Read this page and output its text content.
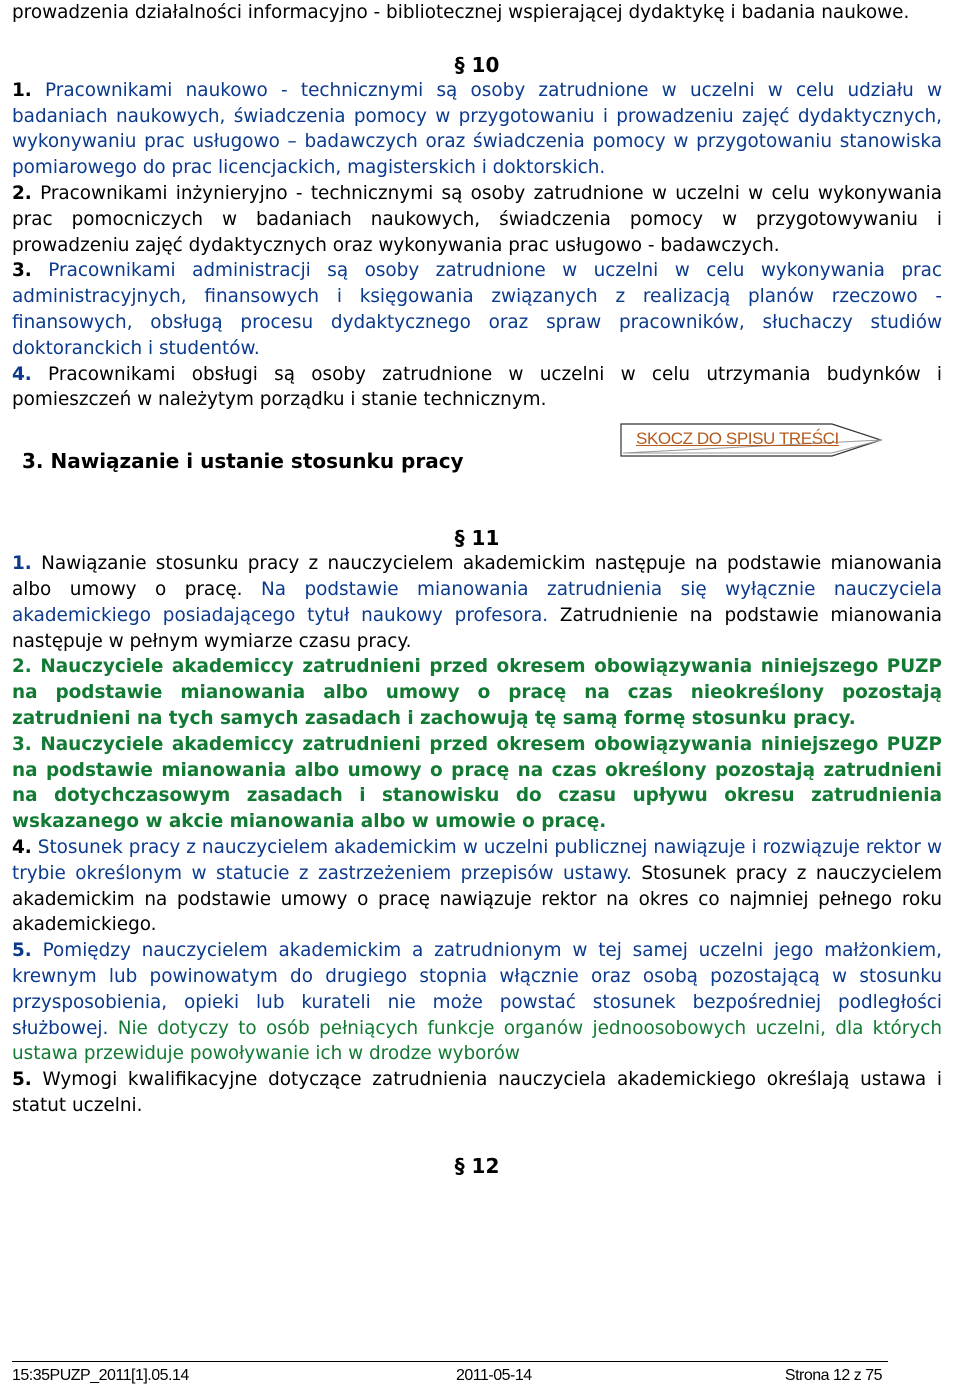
prowadzenia działalności informacyjno - bibliotecznej wspierającej dydaktykę i badania naukowe.

§ 10

1. Pracownikami naukowo - technicznymi są osoby zatrudnione w uczelni w celu udziału w badaniach naukowych, świadczenia pomocy w przygotowaniu i prowadzeniu zajęć dydaktycznych, wykonywaniu prac usługowo – badawczych oraz świadczenia pomocy w przygotowaniu stanowiska pomiarowego do prac licencjackich, magisterskich i doktorskich.

2. Pracownikami inżynieryjno - technicznymi są osoby zatrudnione w uczelni w celu wykonywania prac pomocniczych w badaniach naukowych, świadczenia pomocy w przygotowywaniu i prowadzeniu zajęć dydaktycznych oraz wykonywania prac usługowo - badawczych.

3. Pracownikami administracji są osoby zatrudnione w uczelni w celu wykonywania prac administracyjnych, finansowych i księgowania związanych z realizacją planów rzeczowo - finansowych, obsługą procesu dydaktycznego oraz spraw pracowników, słuchaczy studiów doktoranckich i studentów.

4. Pracownikami obsługi są osoby zatrudnione w uczelni w celu utrzymania budynków i pomieszczeń w należytym porządku i stanie technicznym.

SKOCZ DO SPISU TREŚCI
3. Nawiązanie i ustanie stosunku pracy
§ 11

1. Nawiązanie stosunku pracy z nauczycielem akademickim następuje na podstawie mianowania albo umowy o pracę. Na podstawie mianowania zatrudnienia się wyłącznie nauczyciela akademickiego posiadającego tytuł naukowy profesora. Zatrudnienie na podstawie mianowania następuje w pełnym wymiarze czasu pracy.

2. Nauczyciele akademiccy zatrudnieni przed okresem obowiązywania niniejszego PUZP na podstawie mianowania albo umowy o pracę na czas nieokreślony pozostają zatrudnieni na tych samych zasadach i zachowują tę samą formę stosunku pracy.

3. Nauczyciele akademiccy zatrudnieni przed okresem obowiązywania niniejszego PUZP na podstawie mianowania albo umowy o pracę na czas określony pozostają zatrudnieni na dotychczasowym zasadach i stanowisku do czasu upływu okresu zatrudnienia wskazanego w akcie mianowania albo w umowie o pracę.

4. Stosunek pracy z nauczycielem akademickim w uczelni publicznej nawiązuje i rozwiązuje rektor w trybie określonym w statucie z zastrzeżeniem przepisów ustawy. Stosunek pracy z nauczycielem akademickim na podstawie umowy o pracę nawiązuje rektor na okres co najmniej pełnego roku akademickiego.

5. Pomiędzy nauczycielem akademickim a zatrudnionym w tej samej uczelni jego małżonkiem, krewnym lub powinowatym do drugiego stopnia włącznie oraz osobą pozostającą w stosunku przysposobienia, opieki lub kurateli nie może powstać stosunek bezpośredniej podległości służbowej. Nie dotyczy to osób pełniących funkcje organów jednoosobowych uczelni, dla których ustawa przewiduje powoływanie ich w drodze wyborów

5. Wymogi kwalifikacyjne dotyczące zatrudnienia nauczyciela akademickiego określają ustawa i statut uczelni.

§ 12
15:35PUZP_2011[1].05.14	2011-05-14	Strona 12 z 75
